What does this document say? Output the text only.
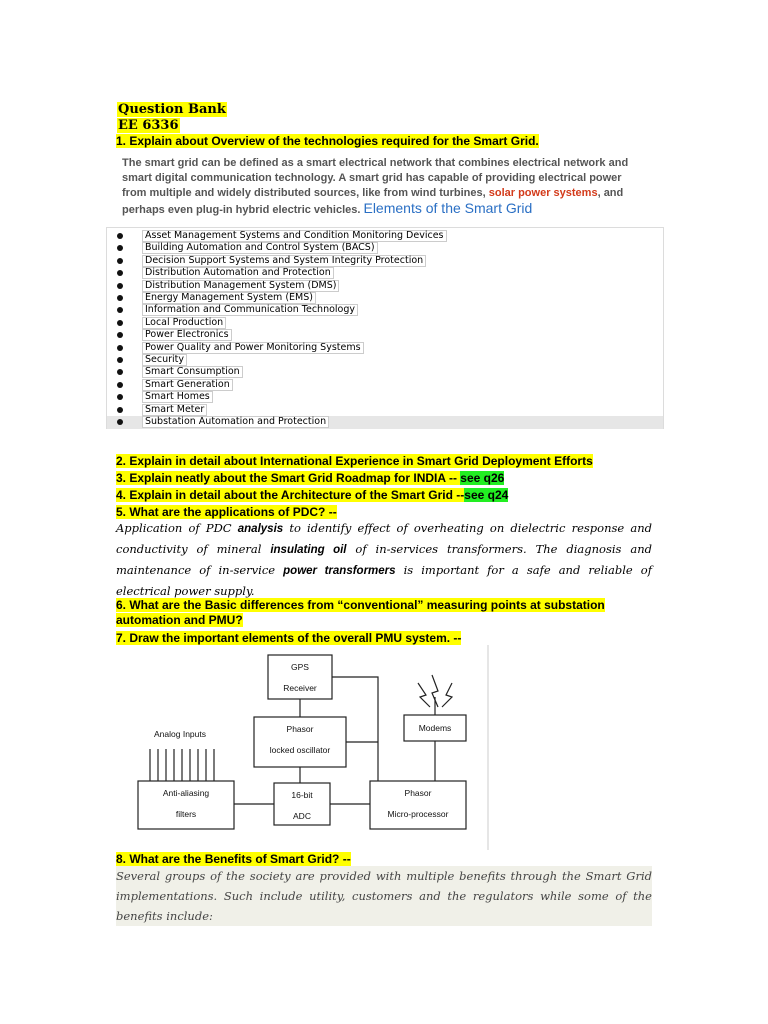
Question Bank
EE 6336
1. Explain about Overview of the technologies required for the Smart Grid.
The smart grid can be defined as a smart electrical network that combines electrical network and smart digital communication technology. A smart grid has capable of providing electrical power from multiple and widely distributed sources, like from wind turbines, solar power systems, and perhaps even plug-in hybrid electric vehicles. Elements of the Smart Grid
Asset Management Systems and Condition Monitoring Devices
Building Automation and Control System (BACS)
Decision Support Systems and System Integrity Protection
Distribution Automation and Protection
Distribution Management System (DMS)
Energy Management System (EMS)
Information and Communication Technology
Local Production
Power Electronics
Power Quality and Power Monitoring Systems
Security
Smart Consumption
Smart Generation
Smart Homes
Smart Meter
Substation Automation and Protection
2. Explain in detail about International Experience in Smart Grid Deployment Efforts
3. Explain neatly about the Smart Grid Roadmap for INDIA -- see q26
4. Explain in detail about the Architecture of the Smart Grid --see q24
5. What are the applications of PDC? --
Application of PDC analysis to identify effect of overheating on dielectric response and conductivity of mineral insulating oil of in-services transformers. The diagnosis and maintenance of in-service power transformers is important for a safe and reliable of electrical power supply.
6. What are the Basic differences from “conventional” measuring points at substation automation and PMU?
7. Draw the important elements of the overall PMU system. --
GPS
Receiver
Phasor
locked oscillator
Modems
Analog Inputs
Anti-aliasing
filters
16-bit
ADC
Phasor
Micro-processor
8. What are the Benefits of Smart Grid? --
Several groups of the society are provided with multiple benefits through the Smart Grid implementations. Such include utility, customers and the regulators while some of the benefits include:
